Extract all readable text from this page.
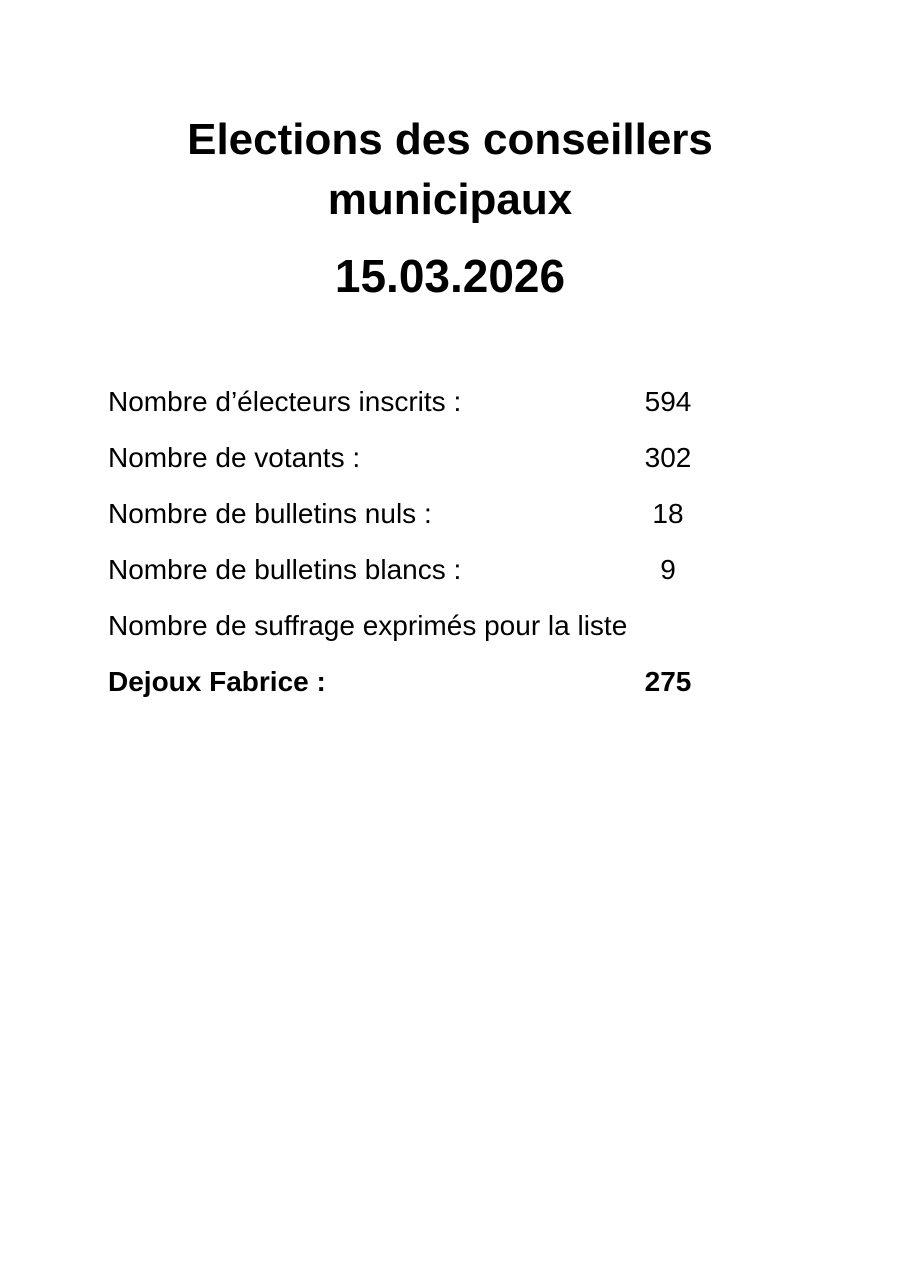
Elections des conseillers
municipaux
15.03.2026
Nombre d’électeurs inscrits :	594
Nombre de votants :	302
Nombre de bulletins nuls :	18
Nombre de bulletins blancs :	9
Nombre de suffrage exprimés pour la liste
Dejoux Fabrice :	275
